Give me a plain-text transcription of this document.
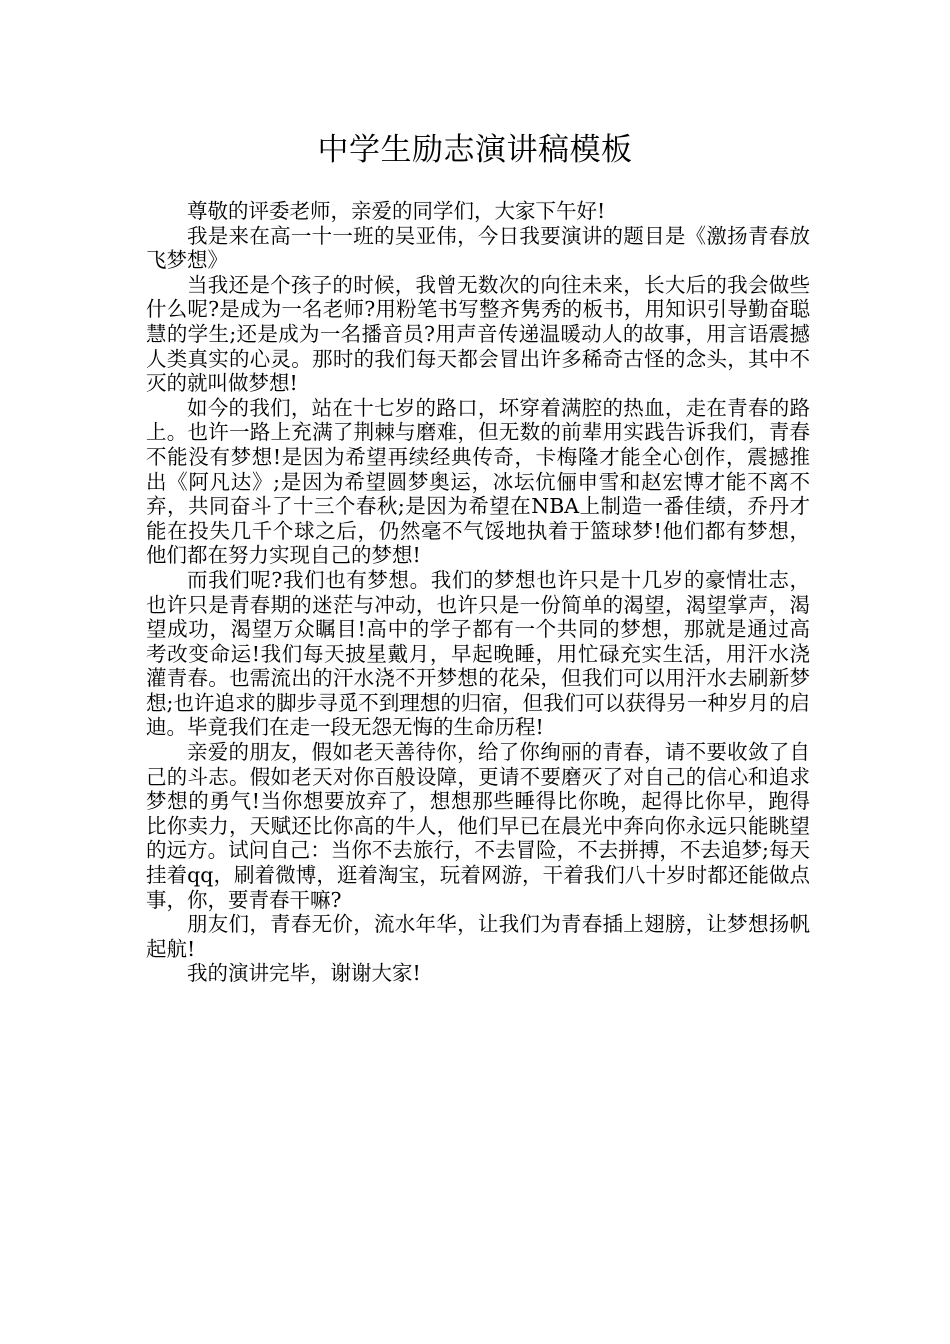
中学生励志演讲稿模板

尊敬的评委老师，亲爱的同学们，大家下午好!

我是来在高一十一班的吴亚伟，今日我要演讲的题目是《激扬青春放飞梦想》

当我还是个孩子的时候，我曾无数次的向往未来，长大后的我会做些什么呢?是成为一名老师?用粉笔书写整齐隽秀的板书，用知识引导勤奋聪慧的学生;还是成为一名播音员?用声音传递温暖动人的故事，用言语震撼人类真实的心灵。那时的我们每天都会冒出许多稀奇古怪的念头，其中不灭的就叫做梦想!

如今的我们，站在十七岁的路口，坏穿着满腔的热血，走在青春的路上。也许一路上充满了荆棘与磨难，但无数的前辈用实践告诉我们，青春不能没有梦想!是因为希望再续经典传奇，卡梅隆才能全心创作，震撼推出《阿凡达》;是因为希望圆梦奥运，冰坛伉俪申雪和赵宏博才能不离不弃，共同奋斗了十三个春秋;是因为希望在NBA上制造一番佳绩，乔丹才能在投失几千个球之后，仍然毫不气馁地执着于篮球梦!他们都有梦想，他们都在努力实现自己的梦想!

而我们呢?我们也有梦想。我们的梦想也许只是十几岁的豪情壮志，也许只是青春期的迷茫与冲动，也许只是一份简单的渴望，渴望掌声，渴望成功，渴望万众瞩目!高中的学子都有一个共同的梦想，那就是通过高考改变命运!我们每天披星戴月，早起晚睡，用忙碌充实生活，用汗水浇灌青春。也需流出的汗水浇不开梦想的花朵，但我们可以用汗水去刷新梦想;也许追求的脚步寻觅不到理想的归宿，但我们可以获得另一种岁月的启迪。毕竟我们在走一段无怨无悔的生命历程!

亲爱的朋友，假如老天善待你，给了你绚丽的青春，请不要收敛了自己的斗志。假如老天对你百般设障，更请不要磨灭了对自己的信心和追求梦想的勇气!当你想要放弃了，想想那些睡得比你晚，起得比你早，跑得比你卖力，天赋还比你高的牛人，他们早已在晨光中奔向你永远只能眺望的远方。试问自己：当你不去旅行，不去冒险，不去拼搏，不去追梦;每天挂着qq，刷着微博，逛着淘宝，玩着网游，干着我们八十岁时都还能做点事，你，要青春干嘛?

朋友们，青春无价，流水年华，让我们为青春插上翅膀，让梦想扬帆起航!

我的演讲完毕，谢谢大家!
